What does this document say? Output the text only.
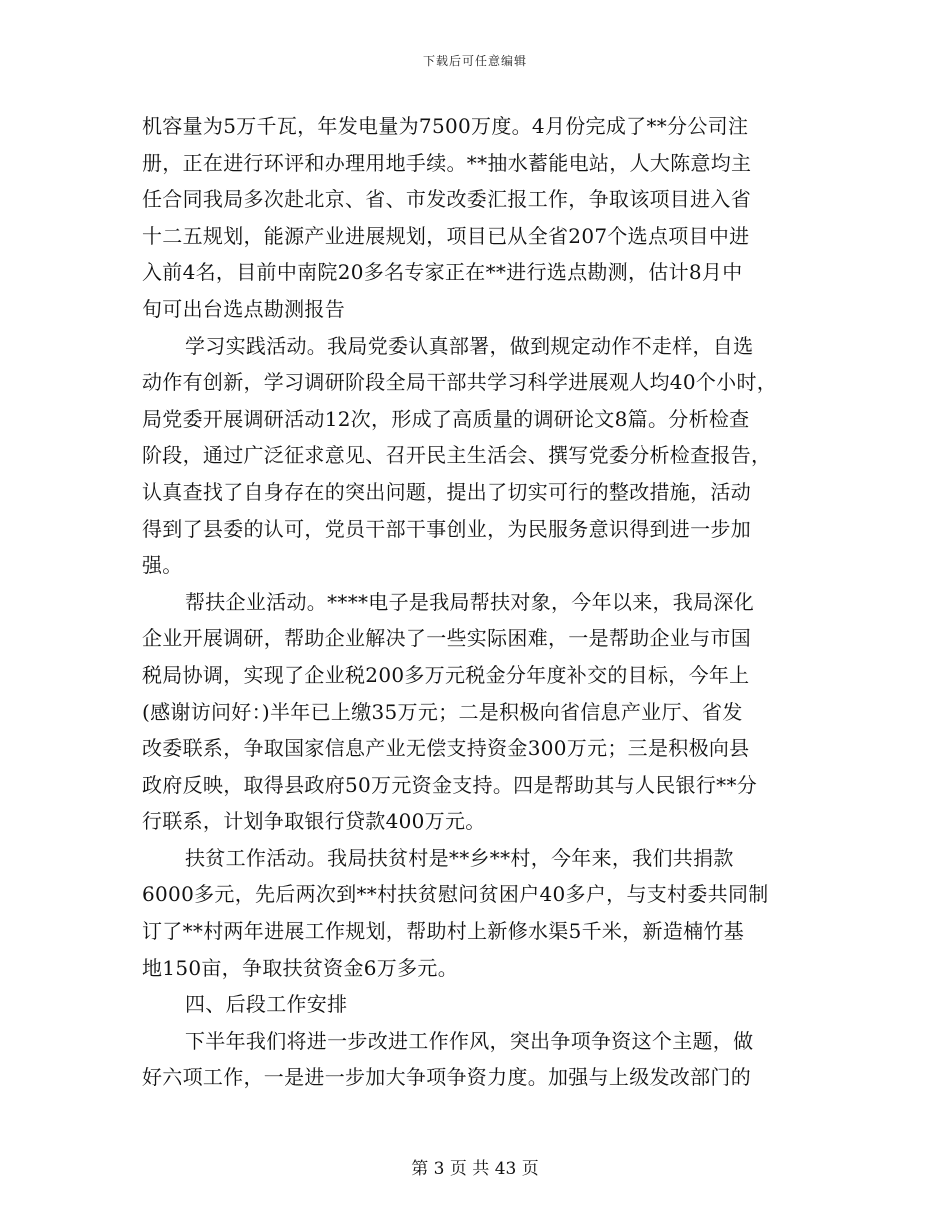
下载后可任意编辑
机容量为5万千瓦，年发电量为7500万度。4月份完成了**分公司注
册，正在进行环评和办理用地手续。**抽水蓄能电站，人大陈意均主
任合同我局多次赴北京、省、市发改委汇报工作，争取该项目进入省
十二五规划，能源产业进展规划，项目已从全省207个选点项目中进
入前4名，目前中南院20多名专家正在**进行选点勘测，估计8月中
旬可出台选点勘测报告
学习实践活动。我局党委认真部署，做到规定动作不走样，自选
动作有创新，学习调研阶段全局干部共学习科学进展观人均40个小时，
局党委开展调研活动12次，形成了高质量的调研论文8篇。分析检查
阶段，通过广泛征求意见、召开民主生活会、撰写党委分析检查报告，
认真查找了自身存在的突出问题，提出了切实可行的整改措施，活动
得到了县委的认可，党员干部干事创业，为民服务意识得到进一步加
强。
帮扶企业活动。****电子是我局帮扶对象，今年以来，我局深化
企业开展调研，帮助企业解决了一些实际困难，一是帮助企业与市国
税局协调，实现了企业税200多万元税金分年度补交的目标，今年上
(感谢访问好：)半年已上缴35万元；二是积极向省信息产业厅、省发
改委联系，争取国家信息产业无偿支持资金300万元；三是积极向县
政府反映，取得县政府50万元资金支持。四是帮助其与人民银行**分
行联系，计划争取银行贷款400万元。
扶贫工作活动。我局扶贫村是**乡**村，今年来，我们共捐款
6000多元，先后两次到**村扶贫慰问贫困户40多户，与支村委共同制
订了**村两年进展工作规划，帮助村上新修水渠5千米，新造楠竹基
地150亩，争取扶贫资金6万多元。
四、后段工作安排
下半年我们将进一步改进工作作风，突出争项争资这个主题，做
好六项工作，一是进一步加大争项争资力度。加强与上级发改部门的
第 3 页 共 43 页
